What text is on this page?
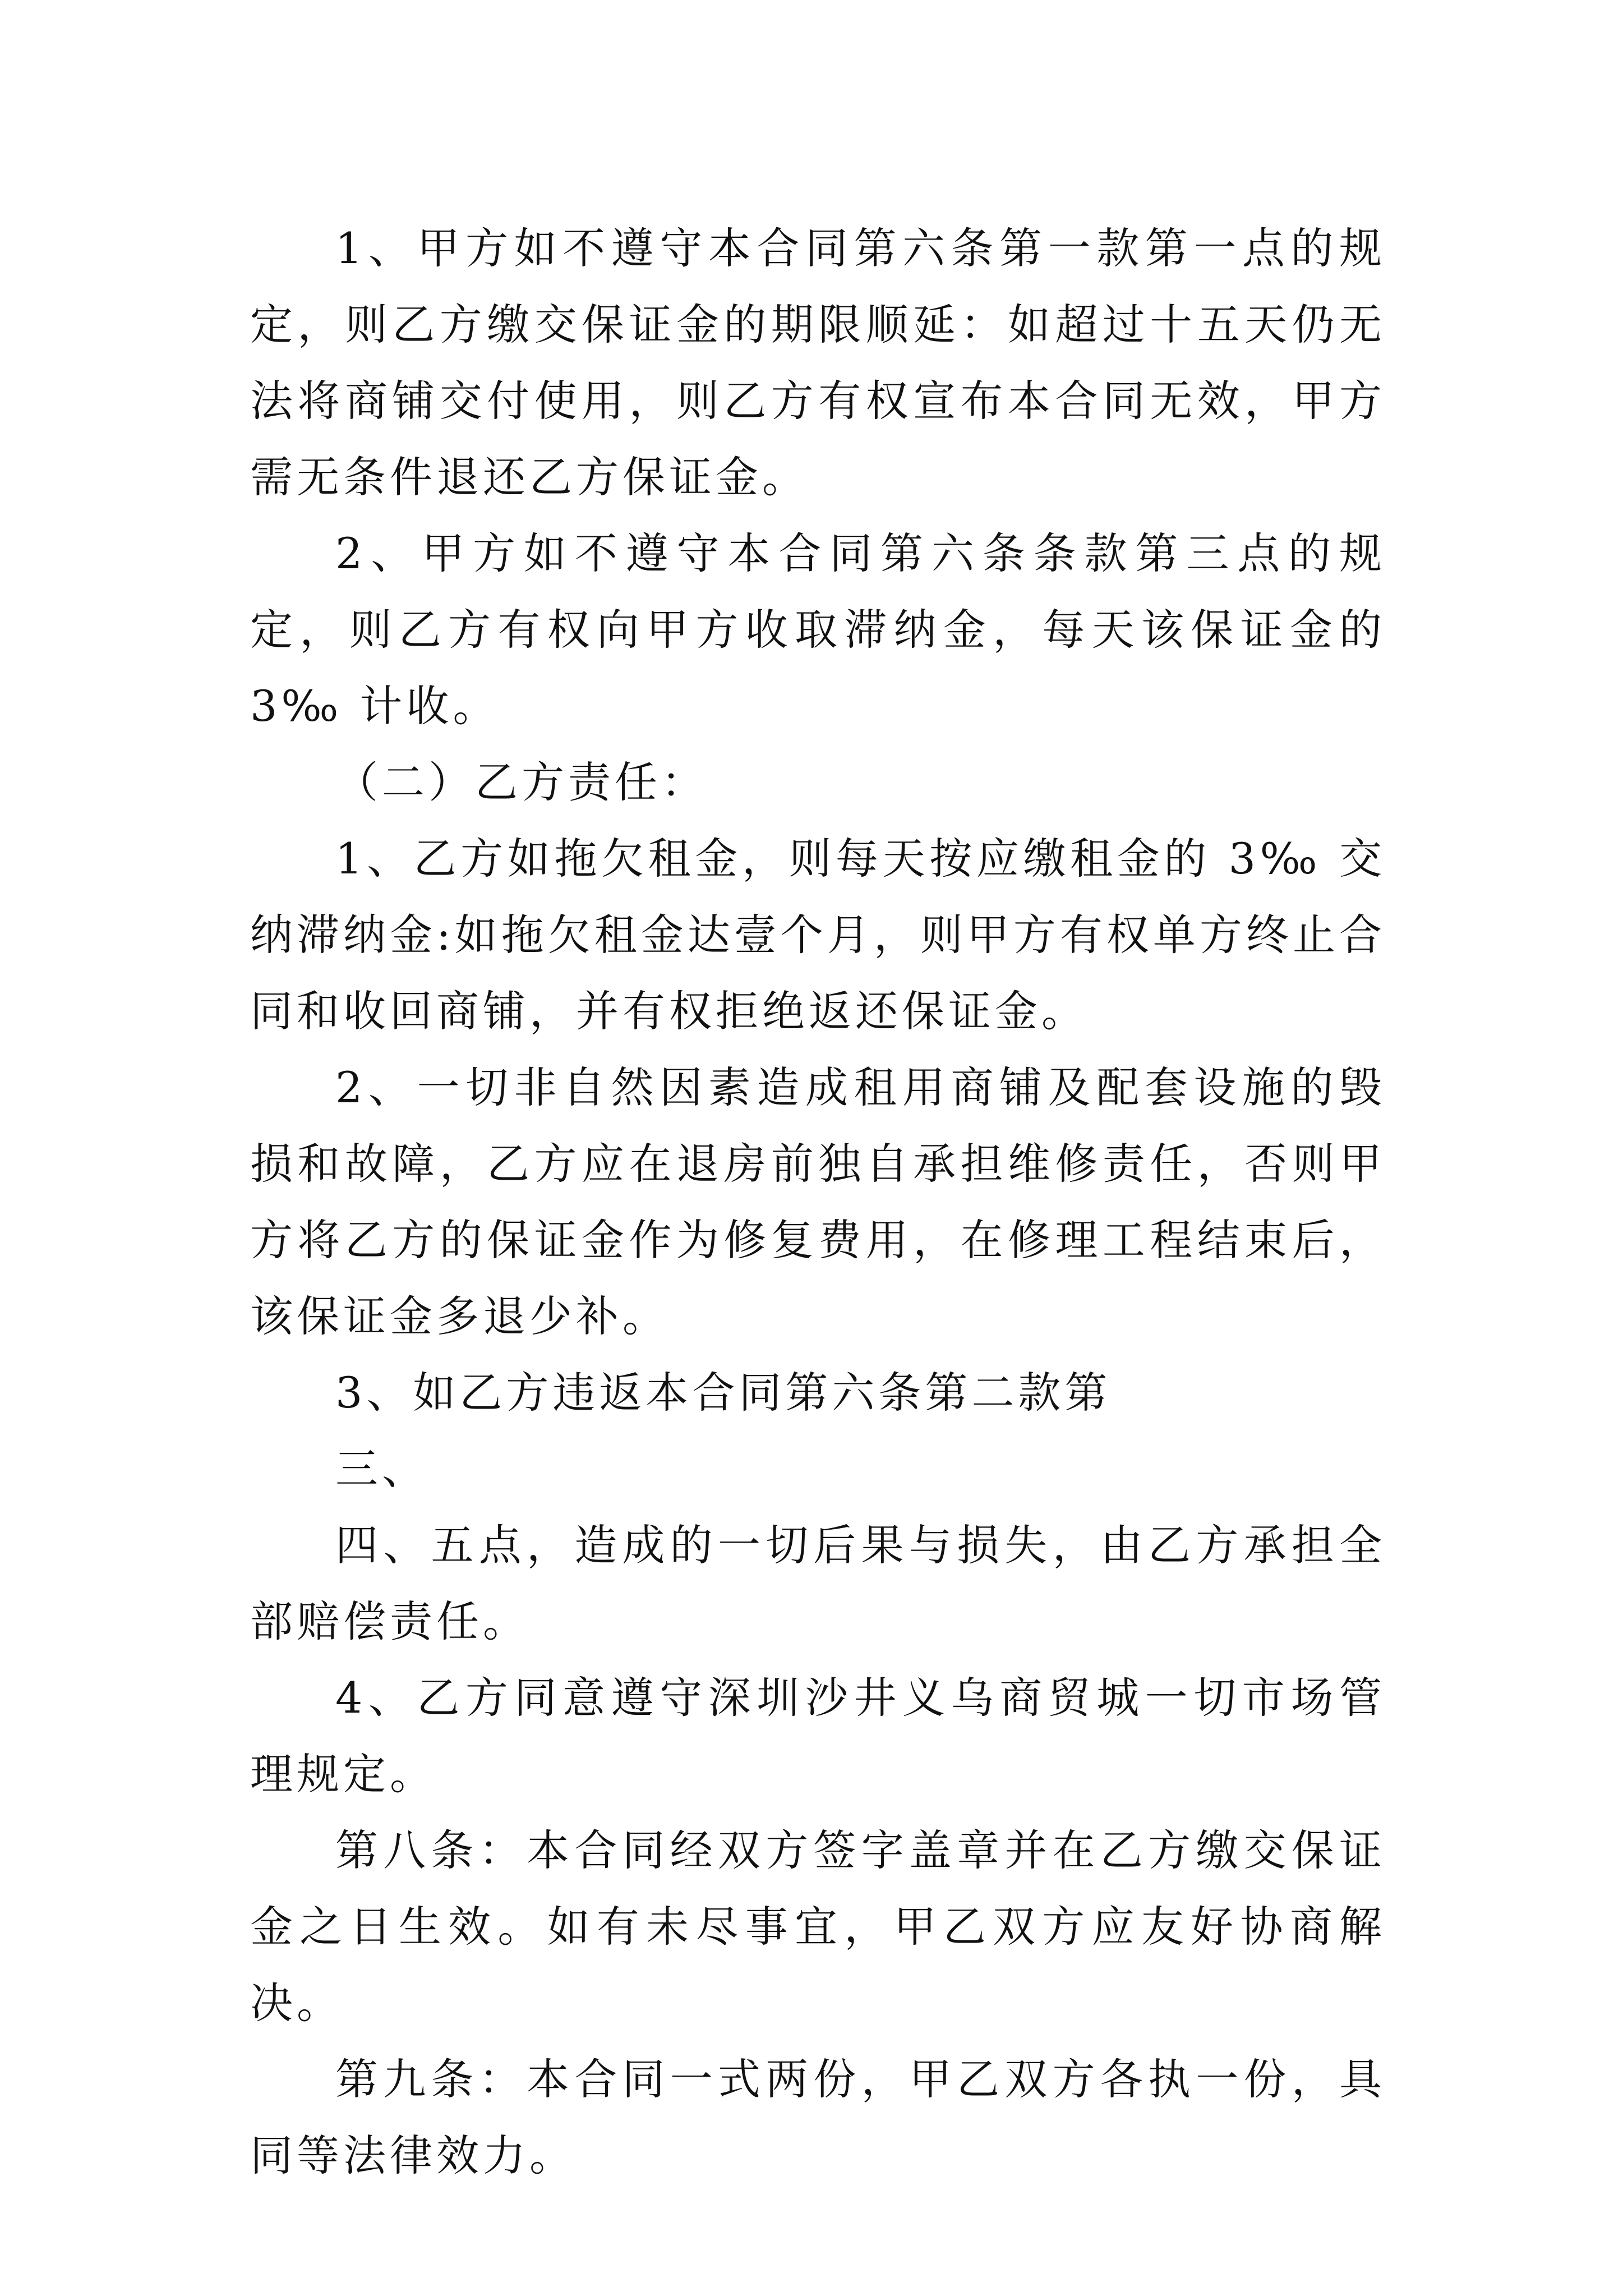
1、甲方如不遵守本合同第六条第一款第一点的规定，则乙方缴交保证金的期限顺延：如超过十五天仍无法将商铺交付使用，则乙方有权宣布本合同无效，甲方需无条件退还乙方保证金。

2、甲方如不遵守本合同第六条条款第三点的规定，则乙方有权向甲方收取滞纳金，每天该保证金的 3‰ 计收。

（二）乙方责任：

1、乙方如拖欠租金，则每天按应缴租金的 3‰ 交纳滞纳金:如拖欠租金达壹个月，则甲方有权单方终止合同和收回商铺，并有权拒绝返还保证金。

2、一切非自然因素造成租用商铺及配套设施的毁损和故障，乙方应在退房前独自承担维修责任，否则甲方将乙方的保证金作为修复费用，在修理工程结束后，该保证金多退少补。

3、如乙方违返本合同第六条第二款第

三、

四、五点，造成的一切后果与损失，由乙方承担全部赔偿责任。

4、乙方同意遵守深圳沙井义乌商贸城一切市场管理规定。

第八条：本合同经双方签字盖章并在乙方缴交保证金之日生效。如有未尽事宜，甲乙双方应友好协商解决。

第九条：本合同一式两份，甲乙双方各执一份，具同等法律效力。
